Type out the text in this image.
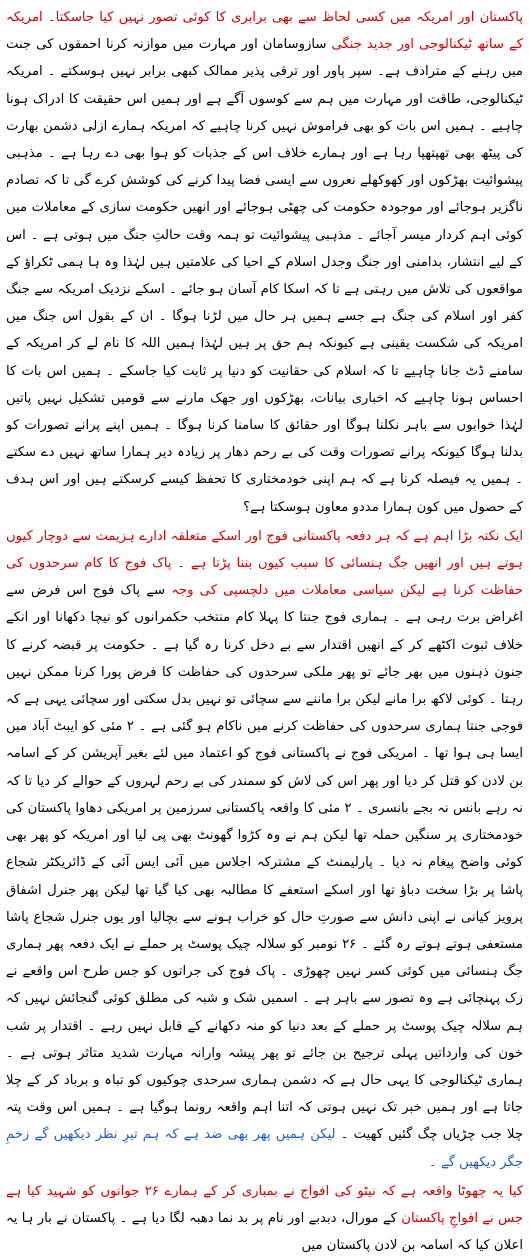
پاکستان اور امریکہ میں کسی لحاظ سے بھی برابری کا کوئی تصور نہیں کیا جاسکتا۔ امریکہ کے ساتھ ٹیکنالوجی اور جدید جنگی سازوسامان اور مہارت میں موازنہ کرنا احمقوں کی جنت میں رہنے کے مترادف ہے۔ سپر پاور اور ترقی پذیر ممالک کبھی برابر نہیں ہوسکتے ۔ امریکہ ٹیکنالوجی، طاقت اور مہارت میں ہم سے کوسوں آگے ہے اور ہمیں اس حقیقت کا ادراک ہونا چاہیے ۔ ہمیں اس بات کو بھی فراموش نہیں کرنا چاہیے کہ امریکہ ہمارے ازلی دشمن بھارت کی پیٹھ بھی تھپتھپا رہا ہے اور ہمارے خلاف اس کے جذبات کو ہوا بھی دے رہا ہے ۔ مذہبی پیشوائیت بھڑکوں اور کھوکھلے نعروں سے ایسی فضا پیدا کرنے کی کوشش کرے گی تا کہ تصادم ناگزیر ہوجائے اور موجودہ حکومت کی چھٹی ہوجائے اور انھیں حکومت سازی کے معاملات میں کوئی اہم کردار میسر آجائے ۔ مذہبی پیشوائیت تو ہمہ وقت حالتِ جنگ میں ہوتی ہے ۔ اس کے لیے انتشار، بدامنی اور جنگ وجدل اسلام کے احیا کی علامتیں ہیں لہٰذا وہ ہا ہمی ٹکراؤ کے مواقعوں کی تلاش میں رہتی ہے تا کہ اسکا کام آسان ہو جائے ۔ اسکے نزدیک امریکہ سے جنگ کفر اور اسلام کی جنگ ہے جسے ہمیں ہر حال میں لڑنا ہوگا ۔ ان کے بقول اس جنگ میں امریکہ کی شکست یقینی ہے کیونکہ ہم حق پر ہیں لہٰذا ہمیں اللہ کا نام لے کر امریکہ کے سامنے ڈٹ جانا چاہیے تا کہ اسلام کی حقانیت کو دنیا پر ثابت کیا جاسکے ۔ ہمیں اس بات کا احساس ہونا چاہیے کہ اخباری بیانات، بھڑکوں اور جھک مارنے سے قومیں تشکیل نہیں پاتیں لہٰذا خوابوں سے باہر نکلنا ہوگا اور حقائق کا سامنا کرنا ہوگا ۔ ہمیں اپنے پرانے تصورات کو بدلنا ہوگا کیونکہ پرانے تصورات وقت کی بے رحم دھار پر زیادہ دیر ہمارا ساتھ نہیں دے سکتے ۔ ہمیں یہ فیصلہ کرنا ہے کہ ہم اپنی خودمختاری کا تحفظ کیسے کرسکتے ہیں اور اس ہدف کے حصول میں کون ہمارا مددو معاون ہوسکتا ہے؟

ایک نکتہ بڑا اہم ہے کہ ہر دفعہ پاکستانی فوج اور اسکے متعلقہ ادارے ہزیمت سے دوچار کیوں ہوتے ہیں اور انھیں جگ ہنسائی کا سبب کیوں بننا پڑتا ہے ۔ پاک فوج کا کام سرحدوں کی حفاظت کرنا ہے لیکن سیاسی معاملات میں دلچسپی کی وجہ سے پاک فوج اس فرض سے اغراض برت رہی ہے ۔ ہماری فوج جنتا کا پہلا کام منتخب حکمرانوں کو نیچا دکھانا اور انکے خلاف ثبوت اکٹھے کر کے انھیں اقتدار سے بے دخل کرنا رہ گیا ہے ۔ حکومت پر قبضہ کرنے کا جنون ذہنوں میں بھر جائے تو پھر ملکی سرحدوں کی حفاظت کا فرض پورا کرنا ممکن نہیں رہتا ۔ کوئی لاکھ برا مانے لیکن برا ماننے سے سچائی تو نہیں بدل سکتی اور سچائی یہی ہے کہ فوجی جنتا ہماری سرحدوں کی حفاظت کرنے میں ناکام ہو گئی ہے ۔ ۲ مئی کو ایبٹ آباد میں ایسا ہی ہوا تھا ۔ امریکی فوج نے پاکستانی فوج کو اعتماد میں لئے بغیر آپریشن کر کے اسامہ بن لادن کو قتل کر دیا اور پھر اس کی لاش کو سمندر کی بے رحم لہروں کے حوالے کر دیا تا کہ نہ رہے بانس نہ بجے بانسری ۔ ۲ مئی کا واقعہ پاکستانی سرزمین پر امریکی دھاوا پاکستان کی خودمختاری پر سنگین حملہ تھا لیکن ہم نے وہ کڑوا گھونٹ بھی پی لیا اور امریکہ کو پھر بھی کوئی واضح پیغام نہ دیا ۔ پارلیمنٹ کے مشترکہ اجلاس میں آئی ایس آئی کے ڈائریکٹر شجاع پاشا پر بڑا سخت دباؤ تھا اور اسکے استعفے کا مطالبہ بھی کیا گیا تھا لیکن پھر جنرل اشفاق پرویز کیانی نے اپنی دانش سے صورتِ حال کو خراب ہونے سے بچالیا اور یوں جنرل شجاع پاشا مستعفی ہوتے ہوتے رہ گئے ۔ ۲۶ نومبر کو سلالہ چیک پوسٹ پر حملے نے ایک دفعہ پھر ہماری جگ ہنسائی میں کوئی کسر نہیں چھوڑی ۔ پاک فوج کی جراتوں کو جس طرح اس واقعے نے زک پہنچائی ہے وہ تصور سے باہر ہے ۔ اسمیں شک و شبہ کی مطلق کوئی گنجائش نہیں کہ ہم سلالہ چیک پوسٹ پر حملے کے بعد دنیا کو منہ دکھانے کے قابل نہیں رہے ۔ اقتدار پر شب خون کی وارداتیں پہلی ترجیح بن جائے تو پھر پیشہ وارانہ مہارت شدید متاثر ہوتی ہے ۔ ہماری ٹیکنالوجی کا یہی حال ہے کہ دشمن ہماری سرحدی چوکیوں کو تباہ و برباد کر کے چلا جاتا ہے اور ہمیں خبر تک نہیں ہوتی کہ اتنا اہم واقعہ رونما ہوگیا ہے ۔ ہمیں اس وقت پتہ چلا جب چڑیاں چگ گئیں کھیت ۔ لیکن ہمیں پھر بھی ضد ہے کہ ہم تیرِ نظر دیکھیں گے زخمِ جگر دیکھیں گے ۔

کیا یہ چھوٹا واقعہ ہے کہ نیٹو کی افواج نے بمباری کر کے ہمارے ۲۶ جوانوں کو شہید کیا ہے جس نے افواجِ پاکستان کے مورال، دبدبے اور نام پر بد نما دھبہ لگا دیا ہے ۔ پاکستان نے بار ہا یہ اعلان کیا کہ اسامہ بن لادن پاکستان میں
